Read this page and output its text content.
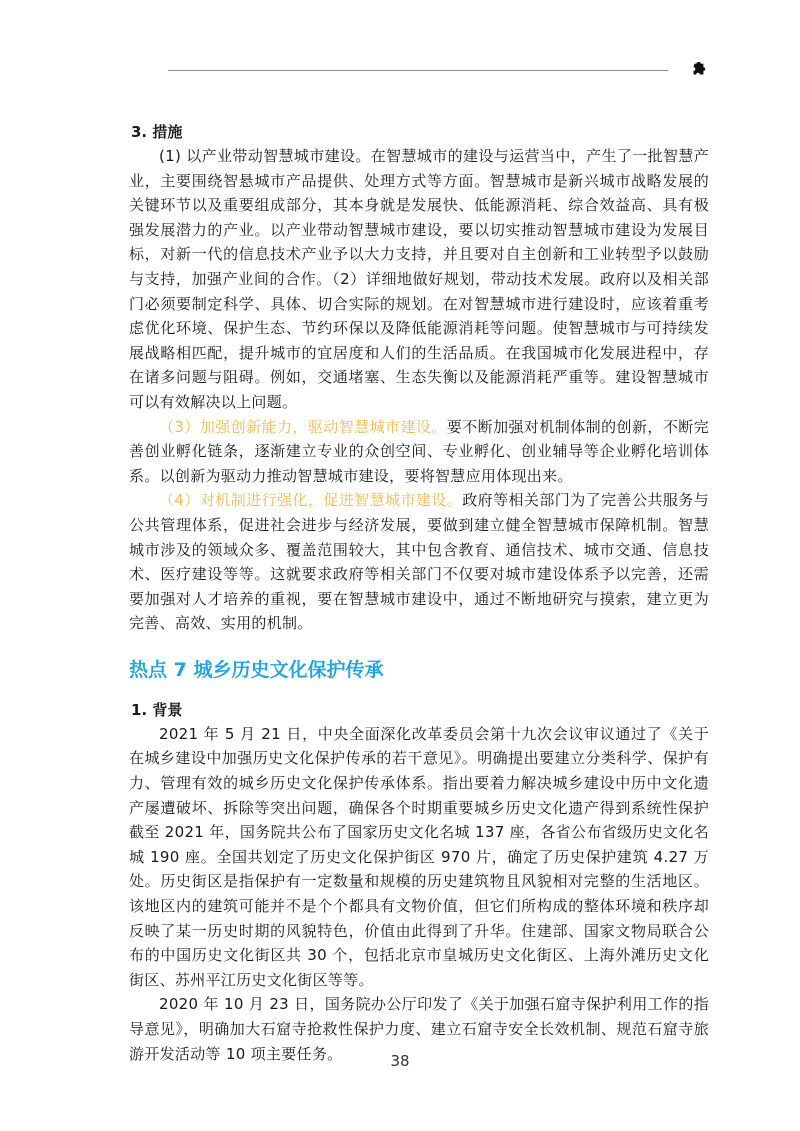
3. 措施

(1) 以产业带动智慧城市建设。在智慧城市的建设与运营当中，产生了一批智慧产业，主要围绕智悬城市产品提供、处理方式等方面。智慧城市是新兴城市战略发展的关键环节以及重要组成部分，其本身就是发展快、低能源消耗、综合效益高、具有极强发展潜力的产业。以产业带动智慧城市建设，要以切实推动智慧城市建设为发展目标，对新一代的信息技术产业予以大力支持，并且要对自主创新和工业转型予以鼓励与支持，加强产业间的合作。（2）详细地做好规划，带动技术发展。政府以及相关部门必须要制定科学、具体、切合实际的规划。在对智慧城市进行建设时，应该着重考虑优化环境、保护生态、节约环保以及降低能源消耗等问题。使智慧城市与可持续发展战略相匹配，提升城市的宜居度和人们的生活品质。在我国城市化发展进程中，存在诸多问题与阻碍。例如，交通堵塞、生态失衡以及能源消耗严重等。建设智慧城市可以有效解决以上问题。

（3）加强创新能力，驱动智慧城市建设。要不断加强对机制体制的创新，不断完善创业孵化链条，逐渐建立专业的众创空间、专业孵化、创业辅导等企业孵化培训体系。以创新为驱动力推动智慧城市建设，要将智慧应用体现出来。

（4）对机制进行强化，促进智慧城市建设。政府等相关部门为了完善公共服务与公共管理体系，促进社会进步与经济发展，要做到建立健全智慧城市保障机制。智慧城市涉及的领域众多、覆盖范围较大，其中包含教育、通信技术、城市交通、信息技术、医疗建设等等。这就要求政府等相关部门不仅要对城市建设体系予以完善，还需要加强对人才培养的重视，要在智慧城市建设中，通过不断地研究与摸索，建立更为完善、高效、实用的机制。

热点 7 城乡历史文化保护传承
1. 背景

2021 年 5 月 21 日，中央全面深化改革委员会第十九次会议审议通过了《关于在城乡建设中加强历史文化保护传承的若干意见》。明确提出要建立分类科学、保护有力、管理有效的城乡历史文化保护传承体系。指出要着力解决城乡建设中历中文化遗产屡遭破坏、拆除等突出问题，确保各个时期重要城乡历史文化遗产得到系统性保护截至 2021 年，国务院共公布了国家历史文化名城 137 座，各省公布省级历史文化名城 190 座。全国共划定了历史文化保护街区 970 片，确定了历史保护建筑 4.27 万处。历史街区是指保护有一定数量和规模的历史建筑物且风貌相对完整的生活地区。该地区内的建筑可能并不是个个都具有文物价值，但它们所构成的整体环境和秩序却反映了某一历史时期的风貌特色，价值由此得到了升华。住建部、国家文物局联合公布的中国历史文化街区共 30 个，包括北京市皇城历史文化街区、上海外滩历史文化街区、苏州平江历史文化街区等等。

2020 年 10 月 23 日，国务院办公厅印发了《关于加强石窟寺保护利用工作的指导意见》，明确加大石窟寺抢救性保护力度、建立石窟寺安全长效机制、规范石窟寺旅游开发活动等 10 项主要任务。	38
